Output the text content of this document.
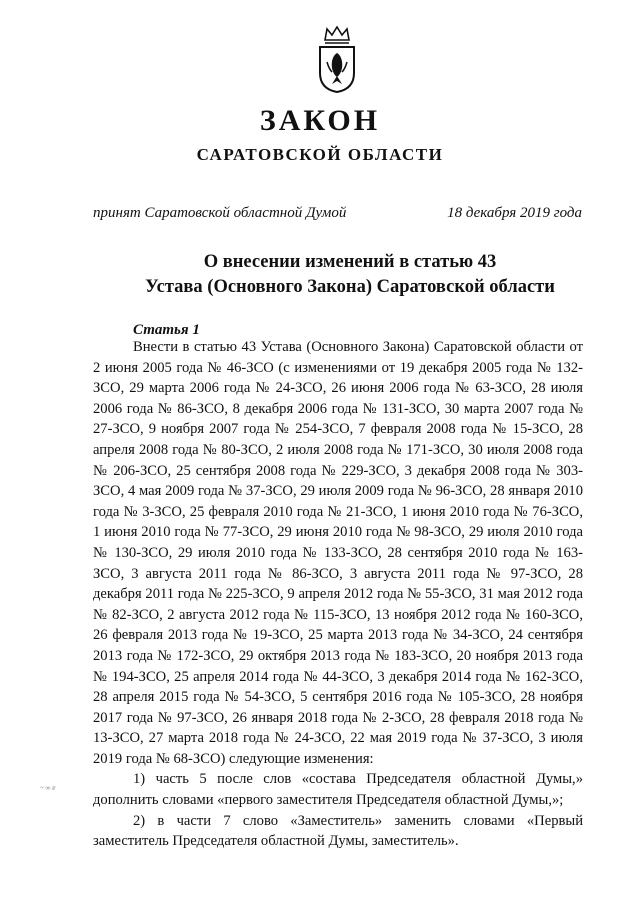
ЗАКОН
САРАТОВСКОЙ ОБЛАСТИ
принят Саратовской областной Думой	18 декабря 2019 года
О внесении изменений в статью 43
Устава (Основного Закона) Саратовской области
Статья 1

Внести в статью 43 Устава (Основного Закона) Саратовской области от 2 июня 2005 года № 46-ЗСО (с изменениями от 19 декабря 2005 года № 132-ЗСО, 29 марта 2006 года № 24-ЗСО, 26 июня 2006 года № 63-ЗСО, 28 июля 2006 года № 86-ЗСО, 8 декабря 2006 года № 131-ЗСО, 30 марта 2007 года № 27-ЗСО, 9 ноября 2007 года № 254-ЗСО, 7 февраля 2008 года № 15-ЗСО, 28 апреля 2008 года № 80-ЗСО, 2 июля 2008 года № 171-ЗСО, 30 июля 2008 года № 206-ЗСО, 25 сентября 2008 года № 229-ЗСО, 3 декабря 2008 года № 303-ЗСО, 4 мая 2009 года № 37-ЗСО, 29 июля 2009 года № 96-ЗСО, 28 января 2010 года № 3-ЗСО, 25 февраля 2010 года № 21-ЗСО, 1 июня 2010 года № 76-ЗСО, 1 июня 2010 года № 77-ЗСО, 29 июня 2010 года № 98-ЗСО, 29 июля 2010 года № 130-ЗСО, 29 июля 2010 года № 133-ЗСО, 28 сентября 2010 года № 163-ЗСО, 3 августа 2011 года № 86-ЗСО, 3 августа 2011 года № 97-ЗСО, 28 декабря 2011 года № 225-ЗСО, 9 апреля 2012 года № 55-ЗСО, 31 мая 2012 года № 82-ЗСО, 2 августа 2012 года № 115-ЗСО, 13 ноября 2012 года № 160-ЗСО, 26 февраля 2013 года № 19-ЗСО, 25 марта 2013 года № 34-ЗСО, 24 сентября 2013 года № 172-ЗСО, 29 октября 2013 года № 183-ЗСО, 20 ноября 2013 года № 194-ЗСО, 25 апреля 2014 года № 44-ЗСО, 3 декабря 2014 года № 162-ЗСО, 28 апреля 2015 года № 54-ЗСО, 5 сентября 2016 года № 105-ЗСО, 28 ноября 2017 года № 97-ЗСО, 26 января 2018 года № 2-ЗСО, 28 февраля 2018 года № 13-ЗСО, 27 марта 2018 года № 24-ЗСО, 22 мая 2019 года № 37-ЗСО, 3 июля 2019 года № 68-ЗСО) следующие изменения:

1) часть 5 после слов «состава Председателя областной Думы,» дополнить словами «первого заместителя Председателя областной Думы,»;

2) в части 7 слово «Заместитель» заменить словами «Первый заместитель Председателя областной Думы, заместитель».

~ ∞ ɐ
